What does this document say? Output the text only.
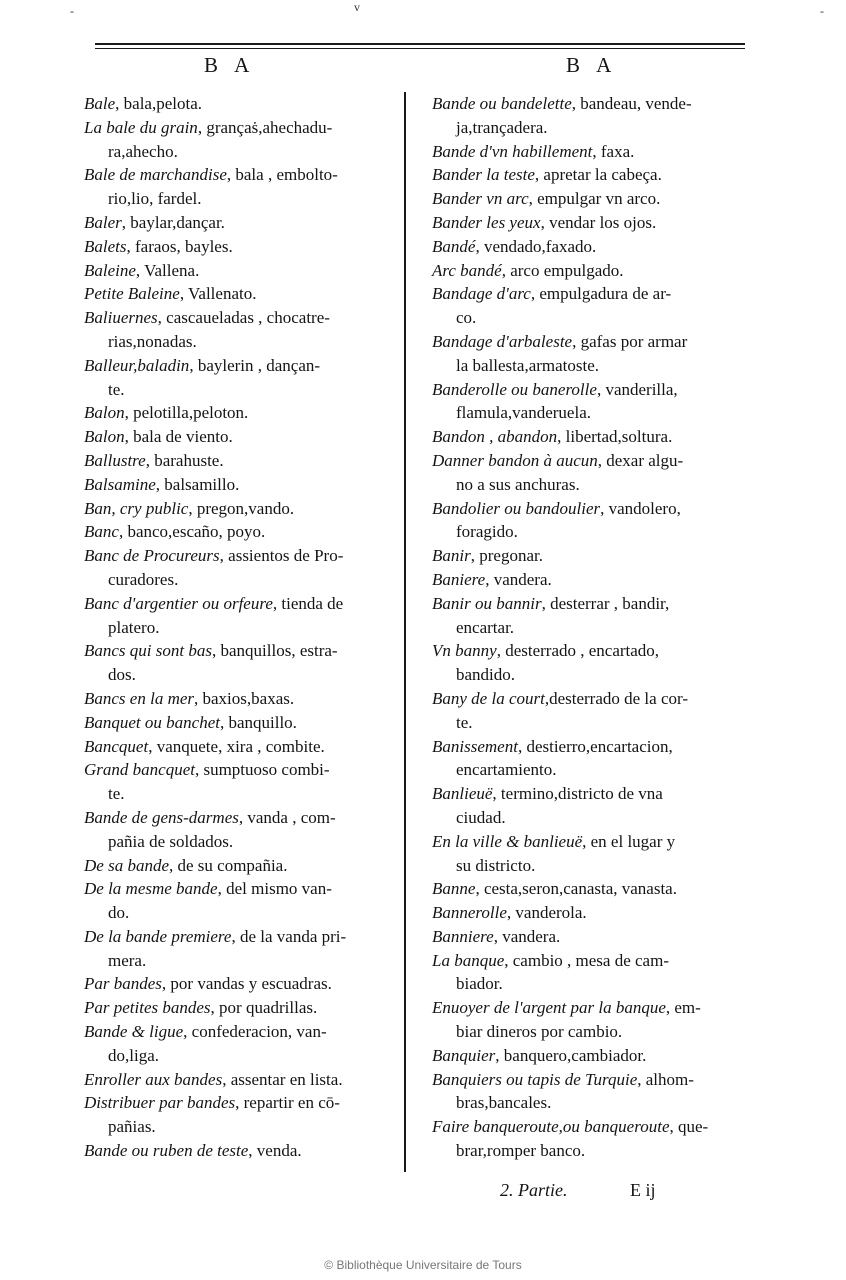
‑	‑
v
B A	B A

Bale, bala,pelota.

La bale du grain, grançaṡ,ahechadu-
ra,ahecho.

Bale de marchandise, bala , embolto-
rio,lio, fardel.

Baler, baylar,dançar.

Balets, faraos, bayles.

Baleine, Vallena.

Petite Baleine, Vallenato.

Baliuernes, cascaueladas , chocatre-
rias,nonadas.

Balleur,baladin, baylerin , dançan-
te.

Balon, pelotilla,peloton.

Balon, bala de viento.

Ballustre, barahuste.

Balsamine, balsamillo.

Ban, cry public, pregon,vando.

Banc, banco,escaño, poyo.

Banc de Procureurs, assientos de Pro-
curadores.

Banc d'argentier ou orfeure, tienda de
platero.

Bancs qui sont bas, banquillos, estra-
dos.

Bancs en la mer, baxios,baxas.

Banquet ou banchet, banquillo.

Bancquet, vanquete, xira , combite.

Grand bancquet, sumptuoso combi-
te.

Bande de gens-darmes, vanda , com-
pañia de soldados.

De sa bande, de su compañia.

De la mesme bande, del mismo van-
do.

De la bande premiere, de la vanda pri-
mera.

Par bandes, por vandas y escuadras.

Par petites bandes, por quadrillas.

Bande & ligue, confederacion, van-
do,liga.

Enroller aux bandes, assentar en lista.

Distribuer par bandes, repartir en cō-
pañias.

Bande ou ruben de teste, venda.

Bande ou bandelette, bandeau, vende-
ja,trançadera.

Bande d'vn habillement, faxa.

Bander la teste, apretar la cabeça.

Bander vn arc, empulgar vn arco.

Bander les yeux, vendar los ojos.

Bandé, vendado,faxado.

Arc bandé, arco empulgado.

Bandage d'arc, empulgadura de ar-
co.

Bandage d'arbaleste, gafas por armar
la ballesta,armatoste.

Banderolle ou banerolle, vanderilla,
flamula,vanderuela.

Bandon , abandon, libertad,soltura.

Danner bandon à aucun, dexar algu-
no a sus anchuras.

Bandolier ou bandoulier, vandolero,
foragido.

Banir, pregonar.

Baniere, vandera.

Banir ou bannir, desterrar , bandir,
encartar.

Vn banny, desterrado , encartado,
bandido.

Bany de la court,desterrado de la cor-
te.

Banissement, destierro,encartacion,
encartamiento.

Banlieuë, termino,districto de vna
ciudad.

En la ville & banlieuë, en el lugar y
su districto.

Banne, cesta,seron,canasta, vanasta.

Bannerolle, vanderola.

Banniere, vandera.

La banque, cambio , mesa de cam-
biador.

Enuoyer de l'argent par la banque, em-
biar dineros por cambio.

Banquier, banquero,cambiador.

Banquiers ou tapis de Turquie, alhom-
bras,bancales.

Faire banqueroute,ou banqueroute, que-
brar,romper banco.

2. Partie.	E ij
© Bibliothèque Universitaire de Tours
